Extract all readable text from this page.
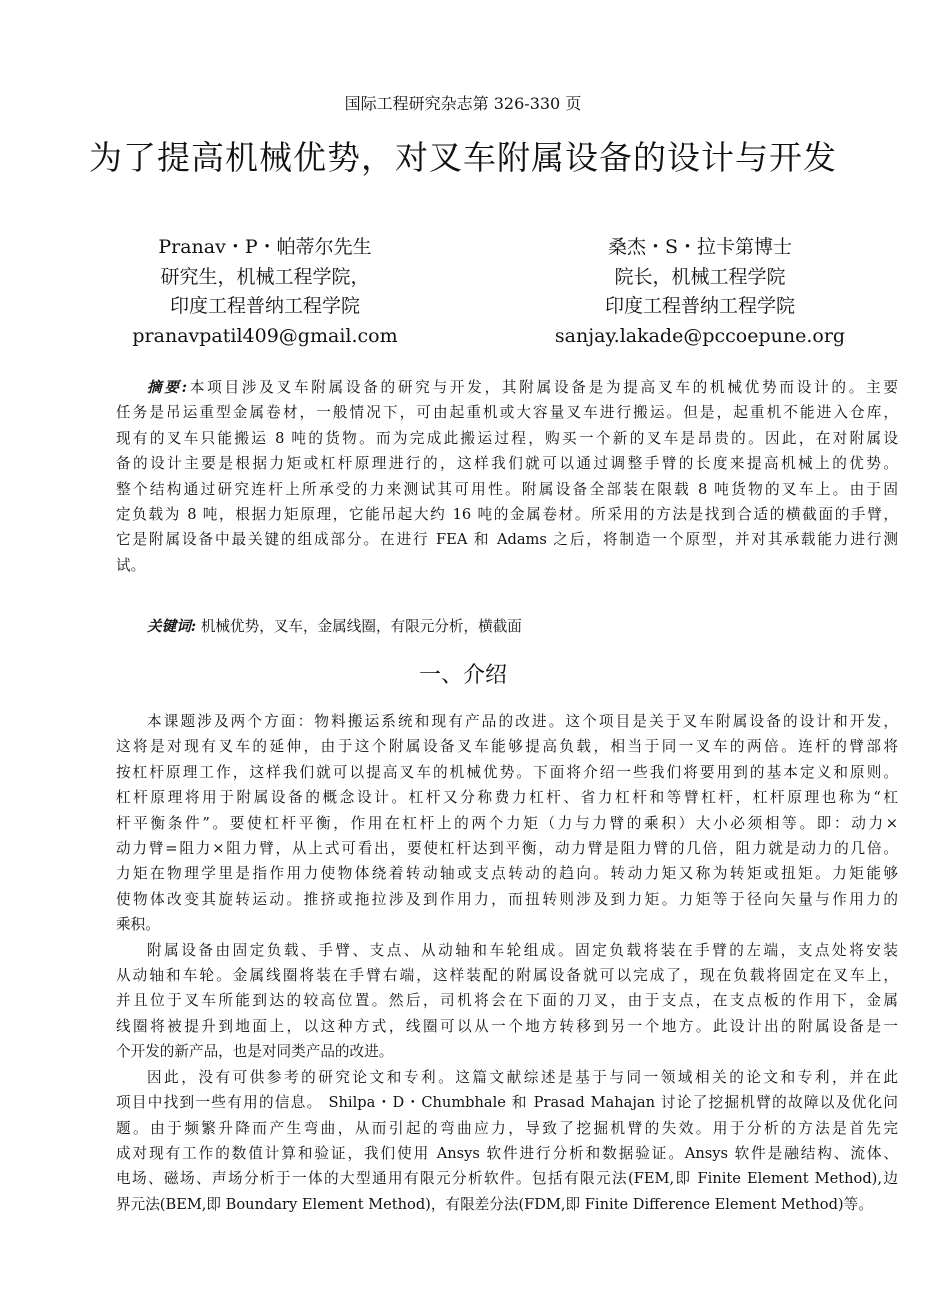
国际工程研究杂志第 326-330 页
为了提高机械优势，对叉车附属设备的设计与开发
Pranav・P・帕蒂尔先生
研究生，机械工程学院，
印度工程普纳工程学院
pranavpatil409@gmail.com
桑杰・S・拉卡第博士
院长，机械工程学院
印度工程普纳工程学院
sanjay.lakade@pccoepune.org
摘要:本项目涉及叉车附属设备的研究与开发，其附属设备是为提高叉车的机械优势而设计的。主要
任务是吊运重型金属卷材，一般情况下，可由起重机或大容量叉车进行搬运。但是，起重机不能进入仓库，
现有的叉车只能搬运 8 吨的货物。而为完成此搬运过程，购买一个新的叉车是昂贵的。因此，在对附属设
备的设计主要是根据力矩或杠杆原理进行的，这样我们就可以通过调整手臂的长度来提高机械上的优势。
整个结构通过研究连杆上所承受的力来测试其可用性。附属设备全部装在限载 8 吨货物的叉车上。由于固
定负载为 8 吨，根据力矩原理，它能吊起大约 16 吨的金属卷材。所采用的方法是找到合适的横截面的手臂，
它是附属设备中最关键的组成部分。在进行 FEA 和 Adams 之后，将制造一个原型，并对其承载能力进行测
试。
关键词: 机械优势，叉车，金属线圈，有限元分析，横截面
一、介绍
本课题涉及两个方面：物料搬运系统和现有产品的改进。这个项目是关于叉车附属设备的设计和开发，
这将是对现有叉车的延伸，由于这个附属设备叉车能够提高负载，相当于同一叉车的两倍。连杆的臂部将
按杠杆原理工作，这样我们就可以提高叉车的机械优势。下面将介绍一些我们将要用到的基本定义和原则。
杠杆原理将用于附属设备的概念设计。杠杆又分称费力杠杆、省力杠杆和等臂杠杆，杠杆原理也称为“杠
杆平衡条件”。要使杠杆平衡，作用在杠杆上的两个力矩（力与力臂的乘积）大小必须相等。即：动力×
动力臂=阻力×阻力臂，从上式可看出，要使杠杆达到平衡，动力臂是阻力臂的几倍，阻力就是动力的几倍。
力矩在物理学里是指作用力使物体绕着转动轴或支点转动的趋向。转动力矩又称为转矩或扭矩。力矩能够
使物体改变其旋转运动。推挤或拖拉涉及到作用力，而扭转则涉及到力矩。力矩等于径向矢量与作用力的
乘积。
附属设备由固定负载、手臂、支点、从动轴和车轮组成。固定负载将装在手臂的左端，支点处将安装
从动轴和车轮。金属线圈将装在手臂右端，这样装配的附属设备就可以完成了，现在负载将固定在叉车上，
并且位于叉车所能到达的较高位置。然后，司机将会在下面的刀叉，由于支点，在支点板的作用下，金属
线圈将被提升到地面上，以这种方式，线圈可以从一个地方转移到另一个地方。此设计出的附属设备是一
个开发的新产品，也是对同类产品的改进。
因此，没有可供参考的研究论文和专利。这篇文献综述是基于与同一领域相关的论文和专利，并在此
项目中找到一些有用的信息。 Shilpa・D・Chumbhale 和 Prasad Mahajan 讨论了挖掘机臂的故障以及优化问
题。由于频繁升降而产生弯曲，从而引起的弯曲应力，导致了挖掘机臂的失效。用于分析的方法是首先完
成对现有工作的数值计算和验证，我们使用 Ansys 软件进行分析和数据验证。Ansys 软件是融结构、流体、
电场、磁场、声场分析于一体的大型通用有限元分析软件。包括有限元法(FEM,即 Finite Element Method),边
界元法(BEM,即 Boundary Element Method)，有限差分法(FDM,即 Finite Difference Element Method)等。
